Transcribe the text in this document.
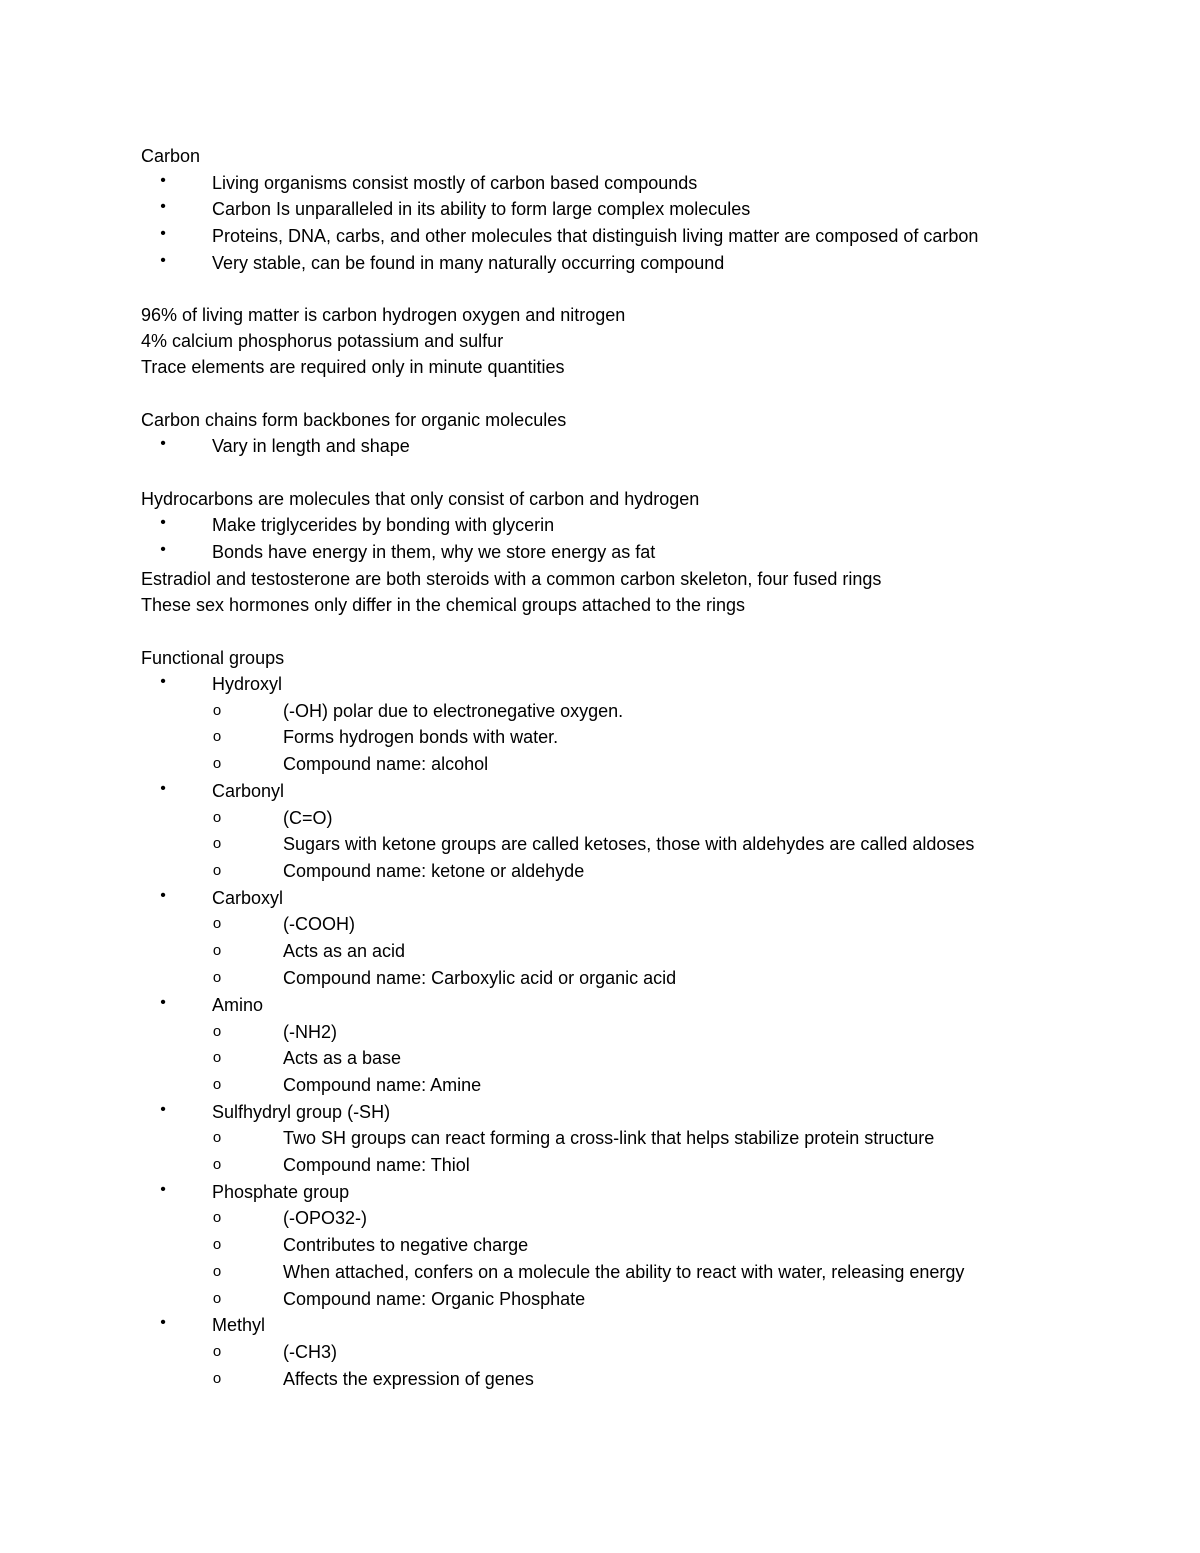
Carbon
•	Living organisms consist mostly of carbon based compounds
•	Carbon Is unparalleled in its ability to form large complex molecules
•	Proteins, DNA, carbs, and other molecules that distinguish living matter are composed of carbon
•	Very stable, can be found in many naturally occurring compound
96% of living matter is carbon hydrogen oxygen and nitrogen
4% calcium phosphorus potassium and sulfur
Trace elements are required only in minute quantities
Carbon chains form backbones for organic molecules
•	Vary in length and shape
Hydrocarbons are molecules that only consist of carbon and hydrogen
•	Make triglycerides by bonding with glycerin
•	Bonds have energy in them, why we store energy as fat
Estradiol and testosterone are both steroids with a common carbon skeleton, four fused rings
These sex hormones only differ in the chemical groups attached to the rings
Functional groups
•	Hydroxyl
o	(-OH) polar due to electronegative oxygen.
o	Forms hydrogen bonds with water.
o	Compound name: alcohol
•	Carbonyl
o	(C=O)
o	Sugars with ketone groups are called ketoses, those with aldehydes are called aldoses
o	Compound name: ketone or aldehyde
•	Carboxyl
o	(-COOH)
o	Acts as an acid
o	Compound name: Carboxylic acid or organic acid
•	Amino
o	(-NH2)
o	Acts as a base
o	Compound name: Amine
•	Sulfhydryl group (-SH)
o	Two SH groups can react forming a cross-link that helps stabilize protein structure
o	Compound name: Thiol
•	Phosphate group
o	(-OPO32-)
o	Contributes to negative charge
o	When attached, confers on a molecule the ability to react with water, releasing energy
o	Compound name: Organic Phosphate
•	Methyl
o	(-CH3)
o	Affects the expression of genes
